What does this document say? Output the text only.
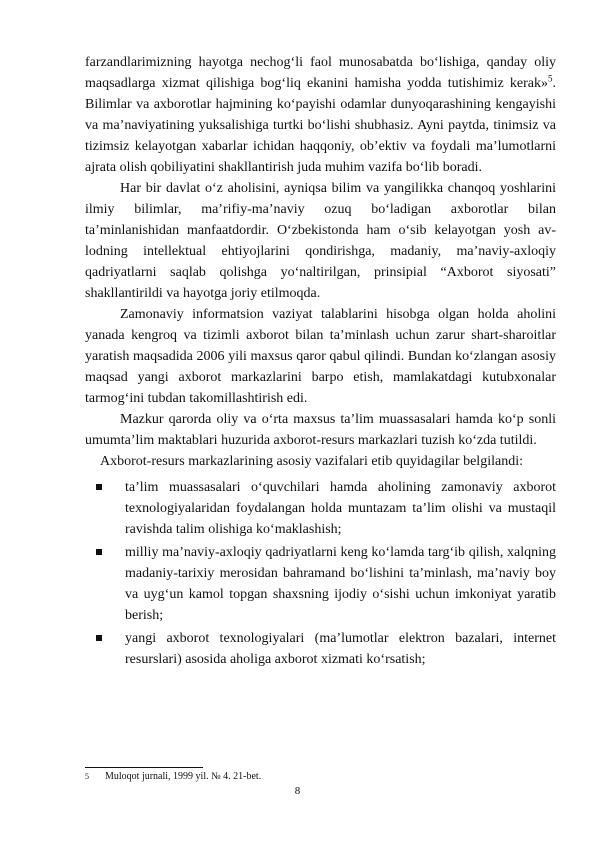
farzandlarimizning hayotga nechog‘li faol munosabatda bo‘lishiga, qanday oliy maqsadlarga xizmat qilishiga bog‘liq ekanini hamisha yodda tutishimiz kerak»$^5$. Bilimlar va axborotlar hajmining ko‘payishi odamlar dunyoqarashining kengayishi va ma’naviyatining yuksalishiga turtki bo‘lishi shubhasiz. Ayni paytda, tinimsiz va tizimsiz kelayotgan xabarlar ichidan haqqoniy, ob’ektiv va foydali ma’lumotlarni ajrata olish qobiliyatini shakllantirish juda muhim vazifa bo‘lib boradi.

Har bir davlat o‘z aholisini, ayniqsa bilim va yangilikka chanqoq yoshlarini ilmiy bilimlar, ma’rifiy-ma’naviy ozuq bo‘ladigan axborotlar bilan ta’minlanishidan manfaatdordir. O‘zbekistonda ham o‘sib kelayotgan yosh av-lodning intellektual ehtiyojlarini qondirishga, madaniy, ma’naviy-axloqiy qadriyatlarni saqlab qolishga yo‘naltirilgan, prinsipial “Axborot siyosati” shakllantirildi va hayotga joriy etilmoqda.

Zamonaviy informatsion vaziyat talablarini hisobga olgan holda aholini yanada kengroq va tizimli axborot bilan ta’minlash uchun zarur shart-sharoitlar yaratish maqsadida 2006 yili maxsus qaror qabul qilindi. Bundan ko‘zlangan asosiy maqsad yangi axborot markazlarini barpo etish, mamlakatdagi kutubxonalar tarmog‘ini tubdan takomillashtirish edi.

Mazkur qarorda oliy va o‘rta maxsus ta’lim muassasalari hamda ko‘p sonli umumta’lim maktablari huzurida axborot-resurs markazlari tuzish ko‘zda tutildi.

Axborot-resurs markazlarining asosiy vazifalari etib quyidagilar belgilandi:

ta’lim muassasalari o‘quvchilari hamda aholining zamonaviy axborot texnologiyalaridan foydalangan holda muntazam ta’lim olishi va mustaqil ravishda talim olishiga ko‘maklashish;
milliy ma’naviy-axloqiy qadriyatlarni keng ko‘lamda targ‘ib qilish, xalqning madaniy-tarixiy merosidan bahramand bo‘lishini ta’minlash, ma’naviy boy va uyg‘un kamol topgan shaxsning ijodiy o‘sishi uchun imkoniyat yaratib berish;
yangi axborot texnologiyalari (ma’lumotlar elektron bazalari, internet resurslari) asosida aholiga axborot xizmati ko‘rsatish;
5 Muloqot jurnali, 1999 yil. № 4. 21-bet.
8
